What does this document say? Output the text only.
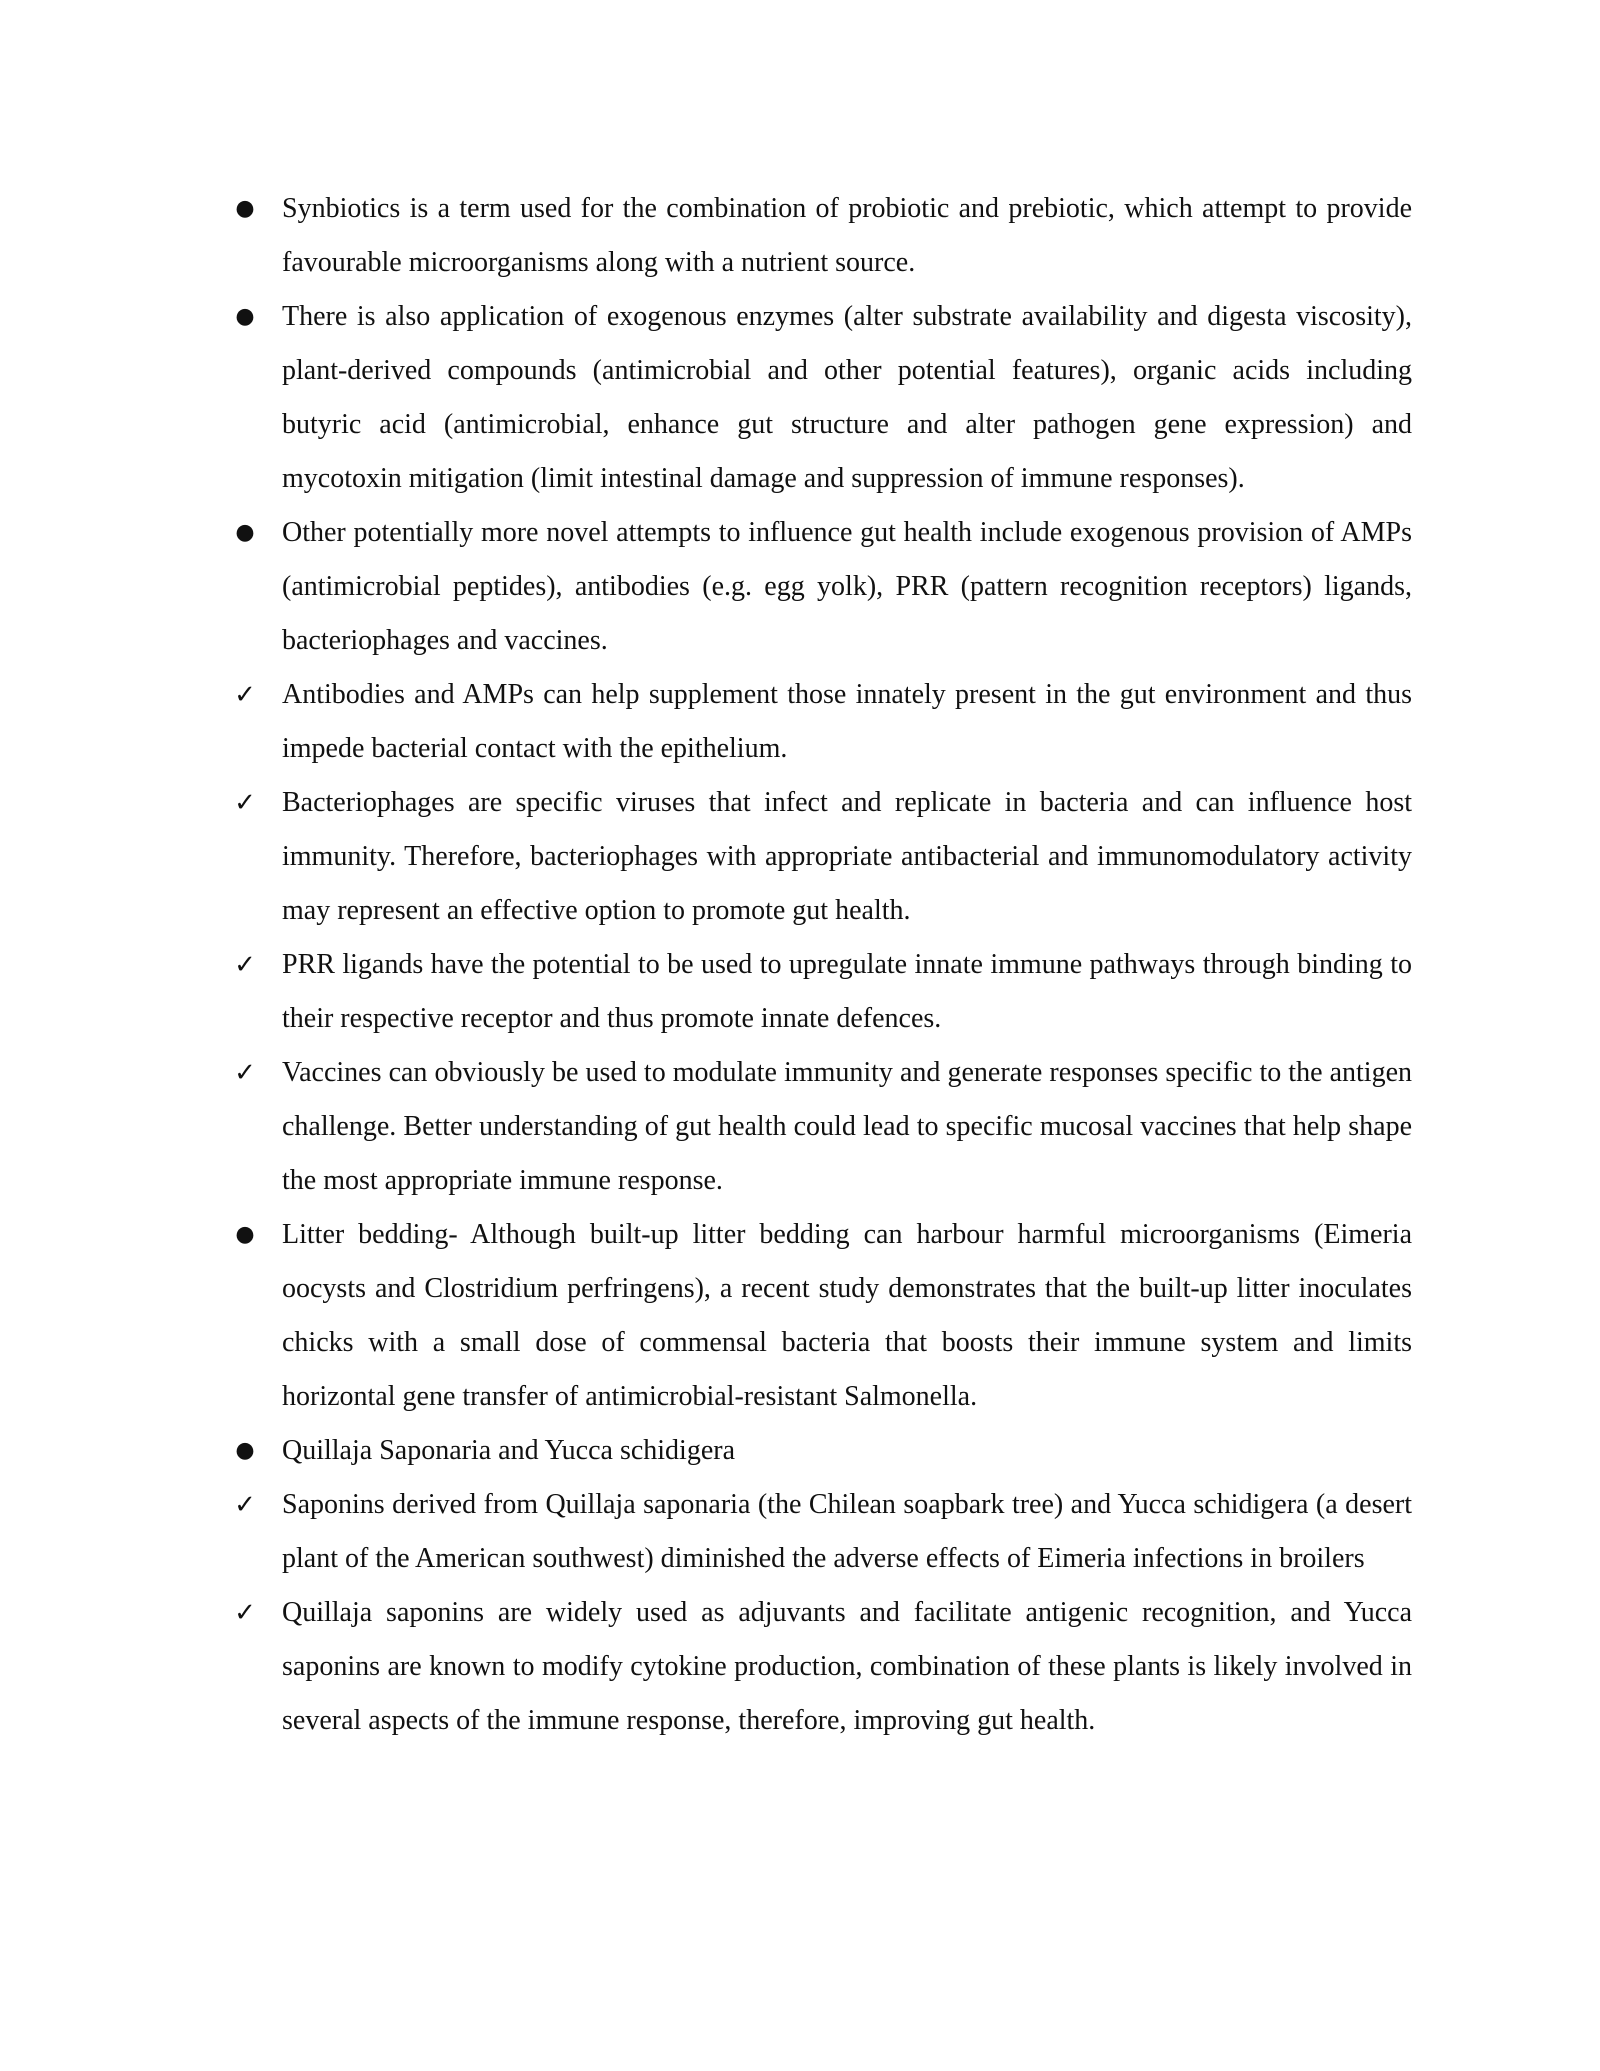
● Synbiotics is a term used for the combination of probiotic and prebiotic, which attempt to provide favourable microorganisms along with a nutrient source.
● There is also application of exogenous enzymes (alter substrate availability and digesta viscosity), plant-derived compounds (antimicrobial and other potential features), organic acids including butyric acid (antimicrobial, enhance gut structure and alter pathogen gene expression) and mycotoxin mitigation (limit intestinal damage and suppression of immune responses).
● Other potentially more novel attempts to influence gut health include exogenous provision of AMPs (antimicrobial peptides), antibodies (e.g. egg yolk), PRR (pattern recognition receptors) ligands, bacteriophages and vaccines.
✓ Antibodies and AMPs can help supplement those innately present in the gut environment and thus impede bacterial contact with the epithelium.
✓ Bacteriophages are specific viruses that infect and replicate in bacteria and can influence host immunity. Therefore, bacteriophages with appropriate antibacterial and immunomodulatory activity may represent an effective option to promote gut health.
✓ PRR ligands have the potential to be used to upregulate innate immune pathways through binding to their respective receptor and thus promote innate defences.
✓ Vaccines can obviously be used to modulate immunity and generate responses specific to the antigen challenge. Better understanding of gut health could lead to specific mucosal vaccines that help shape the most appropriate immune response.
● Litter bedding- Although built-up litter bedding can harbour harmful microorganisms (Eimeria oocysts and Clostridium perfringens), a recent study demonstrates that the built-up litter inoculates chicks with a small dose of commensal bacteria that boosts their immune system and limits horizontal gene transfer of antimicrobial-resistant Salmonella.
● Quillaja Saponaria and Yucca schidigera
✓ Saponins derived from Quillaja saponaria (the Chilean soapbark tree) and Yucca schidigera (a desert plant of the American southwest) diminished the adverse effects of Eimeria infections in broilers
✓ Quillaja saponins are widely used as adjuvants and facilitate antigenic recognition, and Yucca saponins are known to modify cytokine production, combination of these plants is likely involved in several aspects of the immune response, therefore, improving gut health.
